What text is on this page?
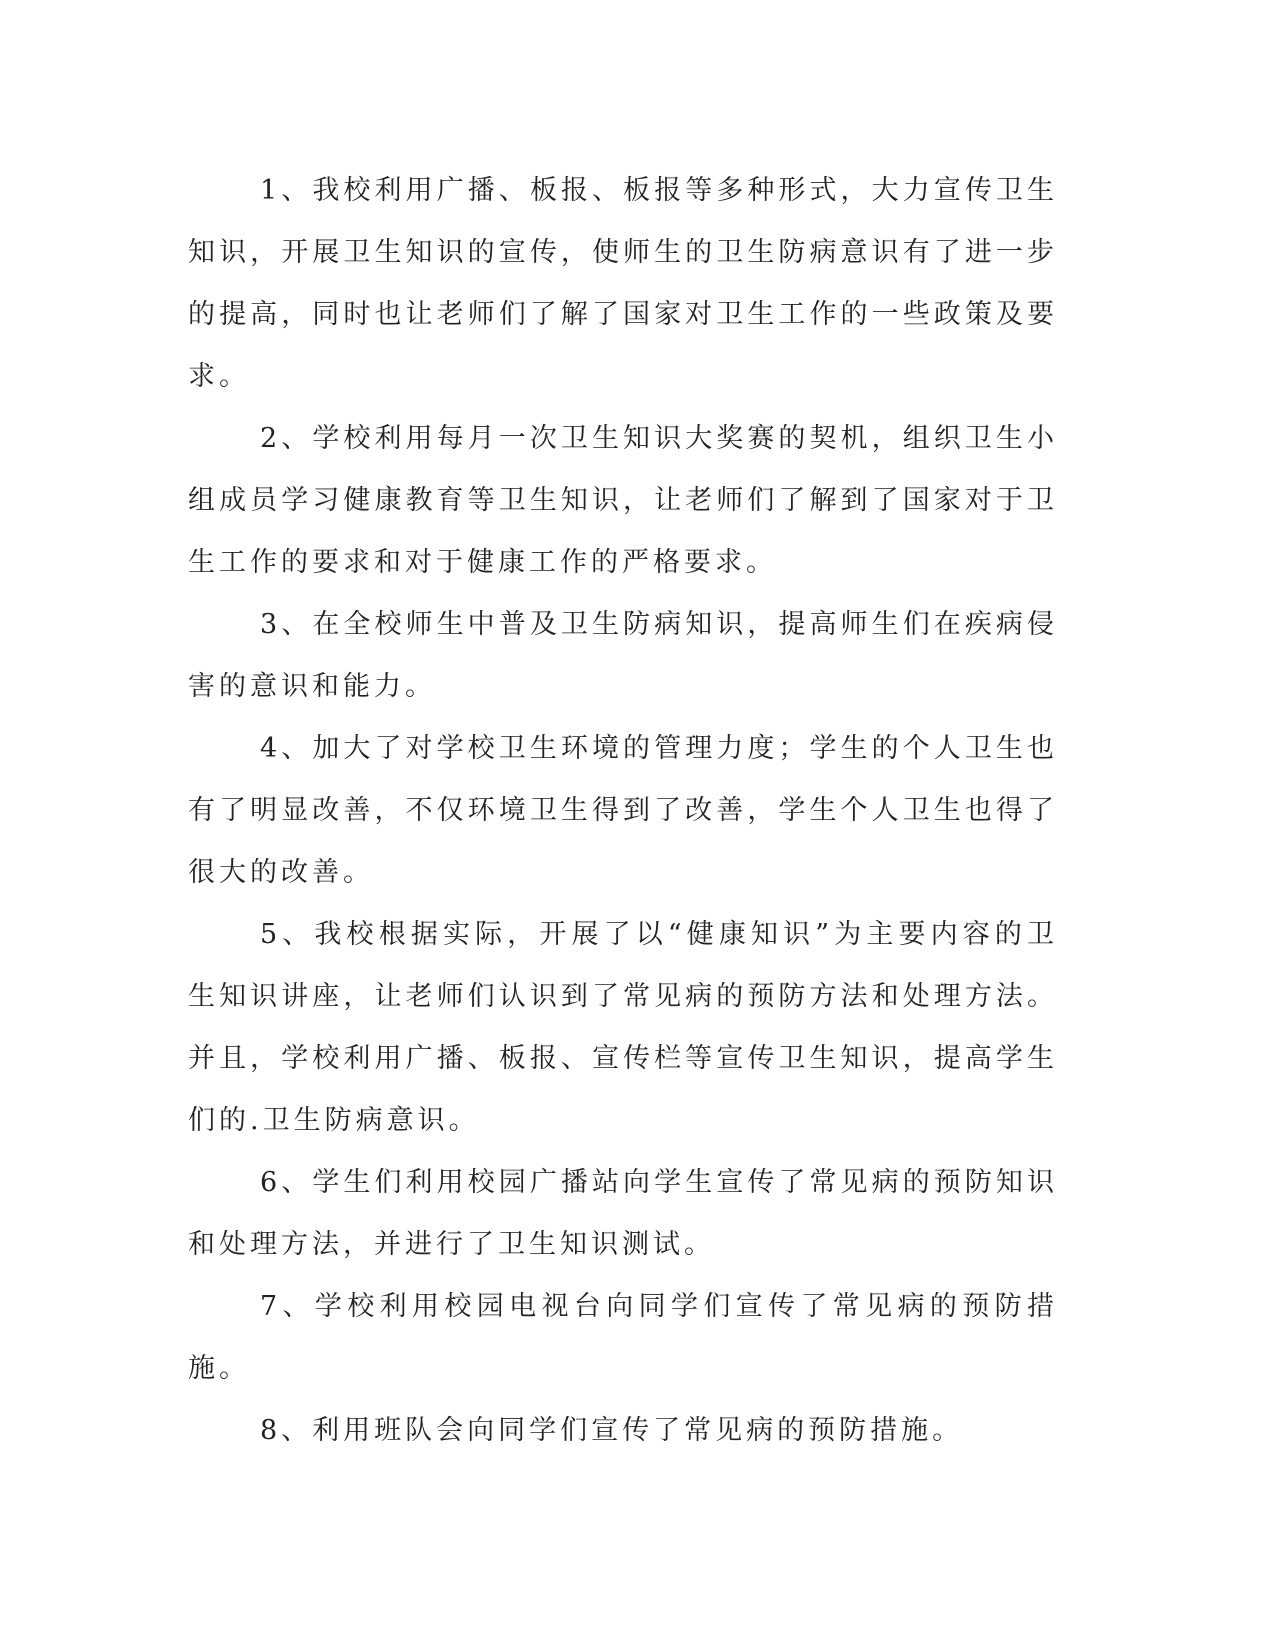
1、我校利用广播、板报、板报等多种形式，大力宣传卫生知识，开展卫生知识的宣传，使师生的卫生防病意识有了进一步的提高，同时也让老师们了解了国家对卫生工作的一些政策及要求。

2、学校利用每月一次卫生知识大奖赛的契机，组织卫生小组成员学习健康教育等卫生知识，让老师们了解到了国家对于卫生工作的要求和对于健康工作的严格要求。

3、在全校师生中普及卫生防病知识，提高师生们在疾病侵害的意识和能力。

4、加大了对学校卫生环境的管理力度；学生的个人卫生也有了明显改善，不仅环境卫生得到了改善，学生个人卫生也得了很大的改善。

5、我校根据实际，开展了以“健康知识”为主要内容的卫生知识讲座，让老师们认识到了常见病的预防方法和处理方法。并且，学校利用广播、板报、宣传栏等宣传卫生知识，提高学生们的.卫生防病意识。

6、学生们利用校园广播站向学生宣传了常见病的预防知识和处理方法，并进行了卫生知识测试。

7、学校利用校园电视台向同学们宣传了常见病的预防措施。

8、利用班队会向同学们宣传了常见病的预防措施。
